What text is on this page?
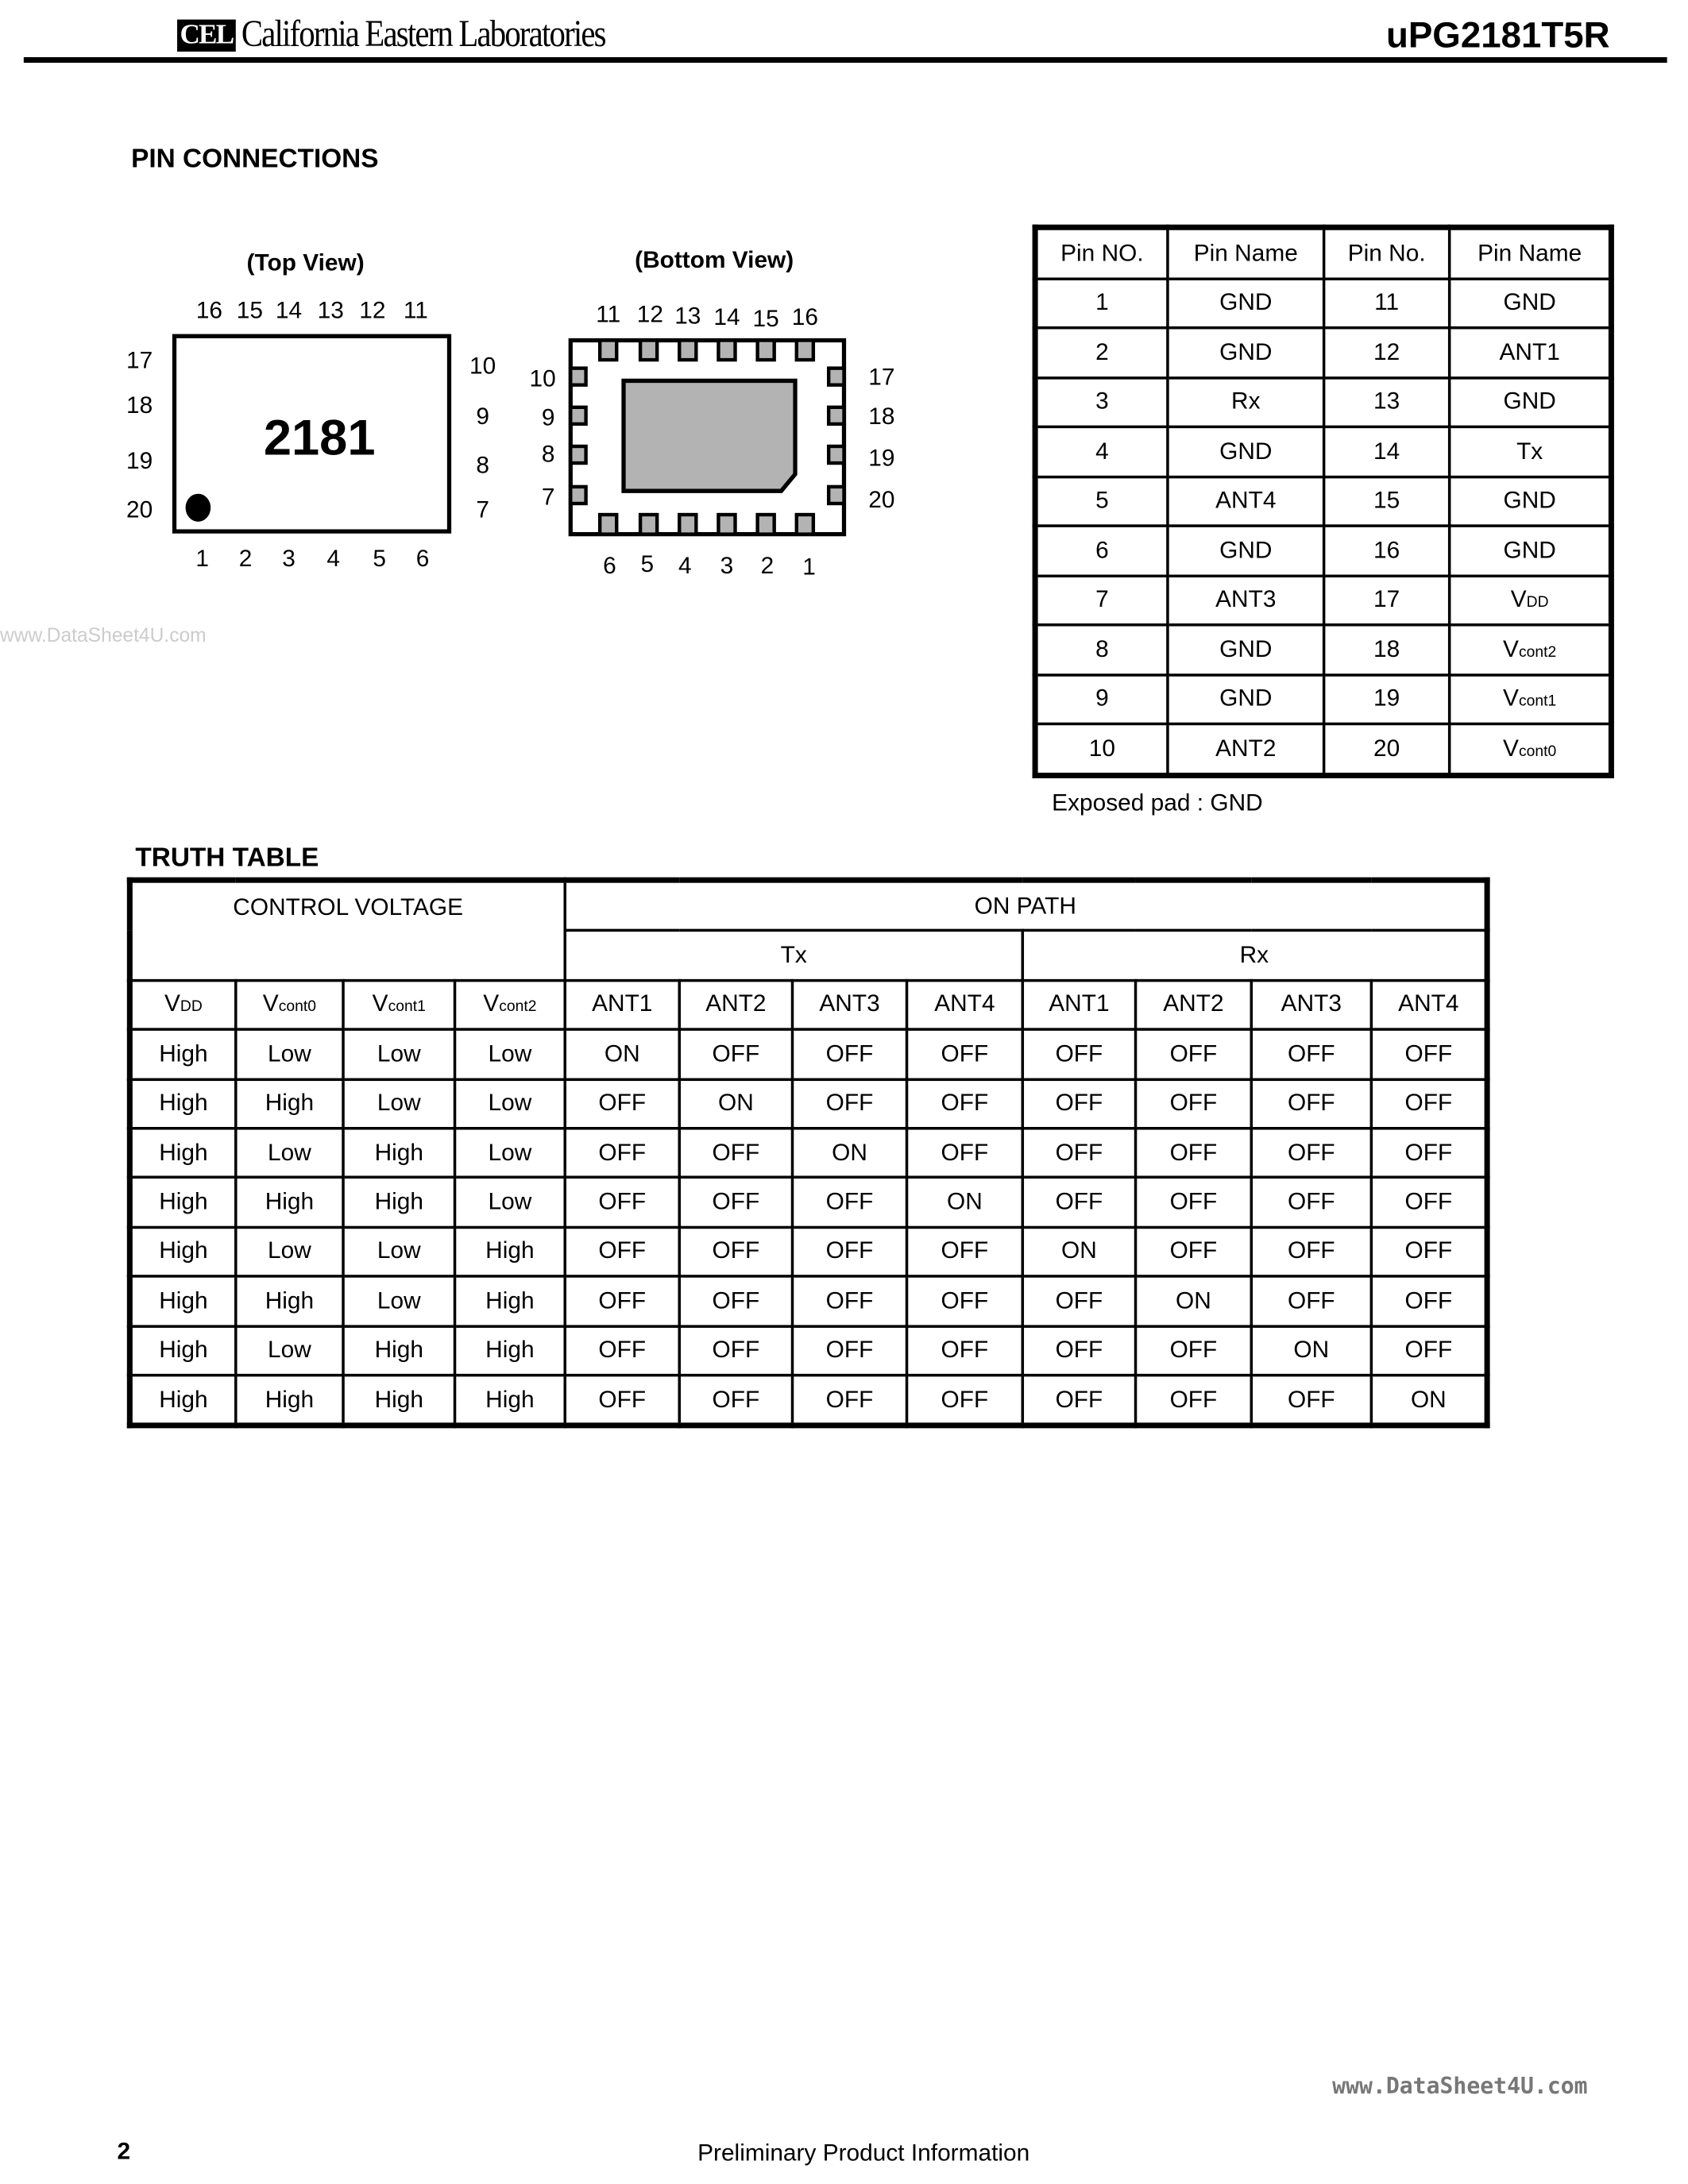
CEL California Eastern Laboratories	uPG2181T5R
PIN CONNECTIONS
(Top View)
2181
16 15 14 13 12 11
17
18
19
20
10
9
8
7
1 2 3 4 5 6
(Bottom View)
11 12 13 14 15 16
10
9
8
7
17
18
19
20
6 5 4 3 2 1
www.DataSheet4U.com
Pin NO.	Pin Name	Pin No.	Pin Name
1	GND	11	GND
2	GND	12	ANT1
3	Rx	13	GND
4	GND	14	Tx
5	ANT4	15	GND
6	GND	16	GND
7	ANT3	17	VDD
8	GND	18	Vcont2
9	GND	19	Vcont1
10	ANT2	20	Vcont0
Exposed pad : GND
TRUTH TABLE
CONTROL VOLTAGE				ON PATH							
				Tx				Rx			
VDD	Vcont0	Vcont1	Vcont2	ANT1	ANT2	ANT3	ANT4	ANT1	ANT2	ANT3	ANT4
High	Low	Low	Low	ON	OFF	OFF	OFF	OFF	OFF	OFF	OFF
High	High	Low	Low	OFF	ON	OFF	OFF	OFF	OFF	OFF	OFF
High	Low	High	Low	OFF	OFF	ON	OFF	OFF	OFF	OFF	OFF
High	High	High	Low	OFF	OFF	OFF	ON	OFF	OFF	OFF	OFF
High	Low	Low	High	OFF	OFF	OFF	OFF	ON	OFF	OFF	OFF
High	High	Low	High	OFF	OFF	OFF	OFF	OFF	ON	OFF	OFF
High	Low	High	High	OFF	OFF	OFF	OFF	OFF	OFF	ON	OFF
High	High	High	High	OFF	OFF	OFF	OFF	OFF	OFF	OFF	ON
www.DataSheet4U.com
2	Preliminary Product Information
